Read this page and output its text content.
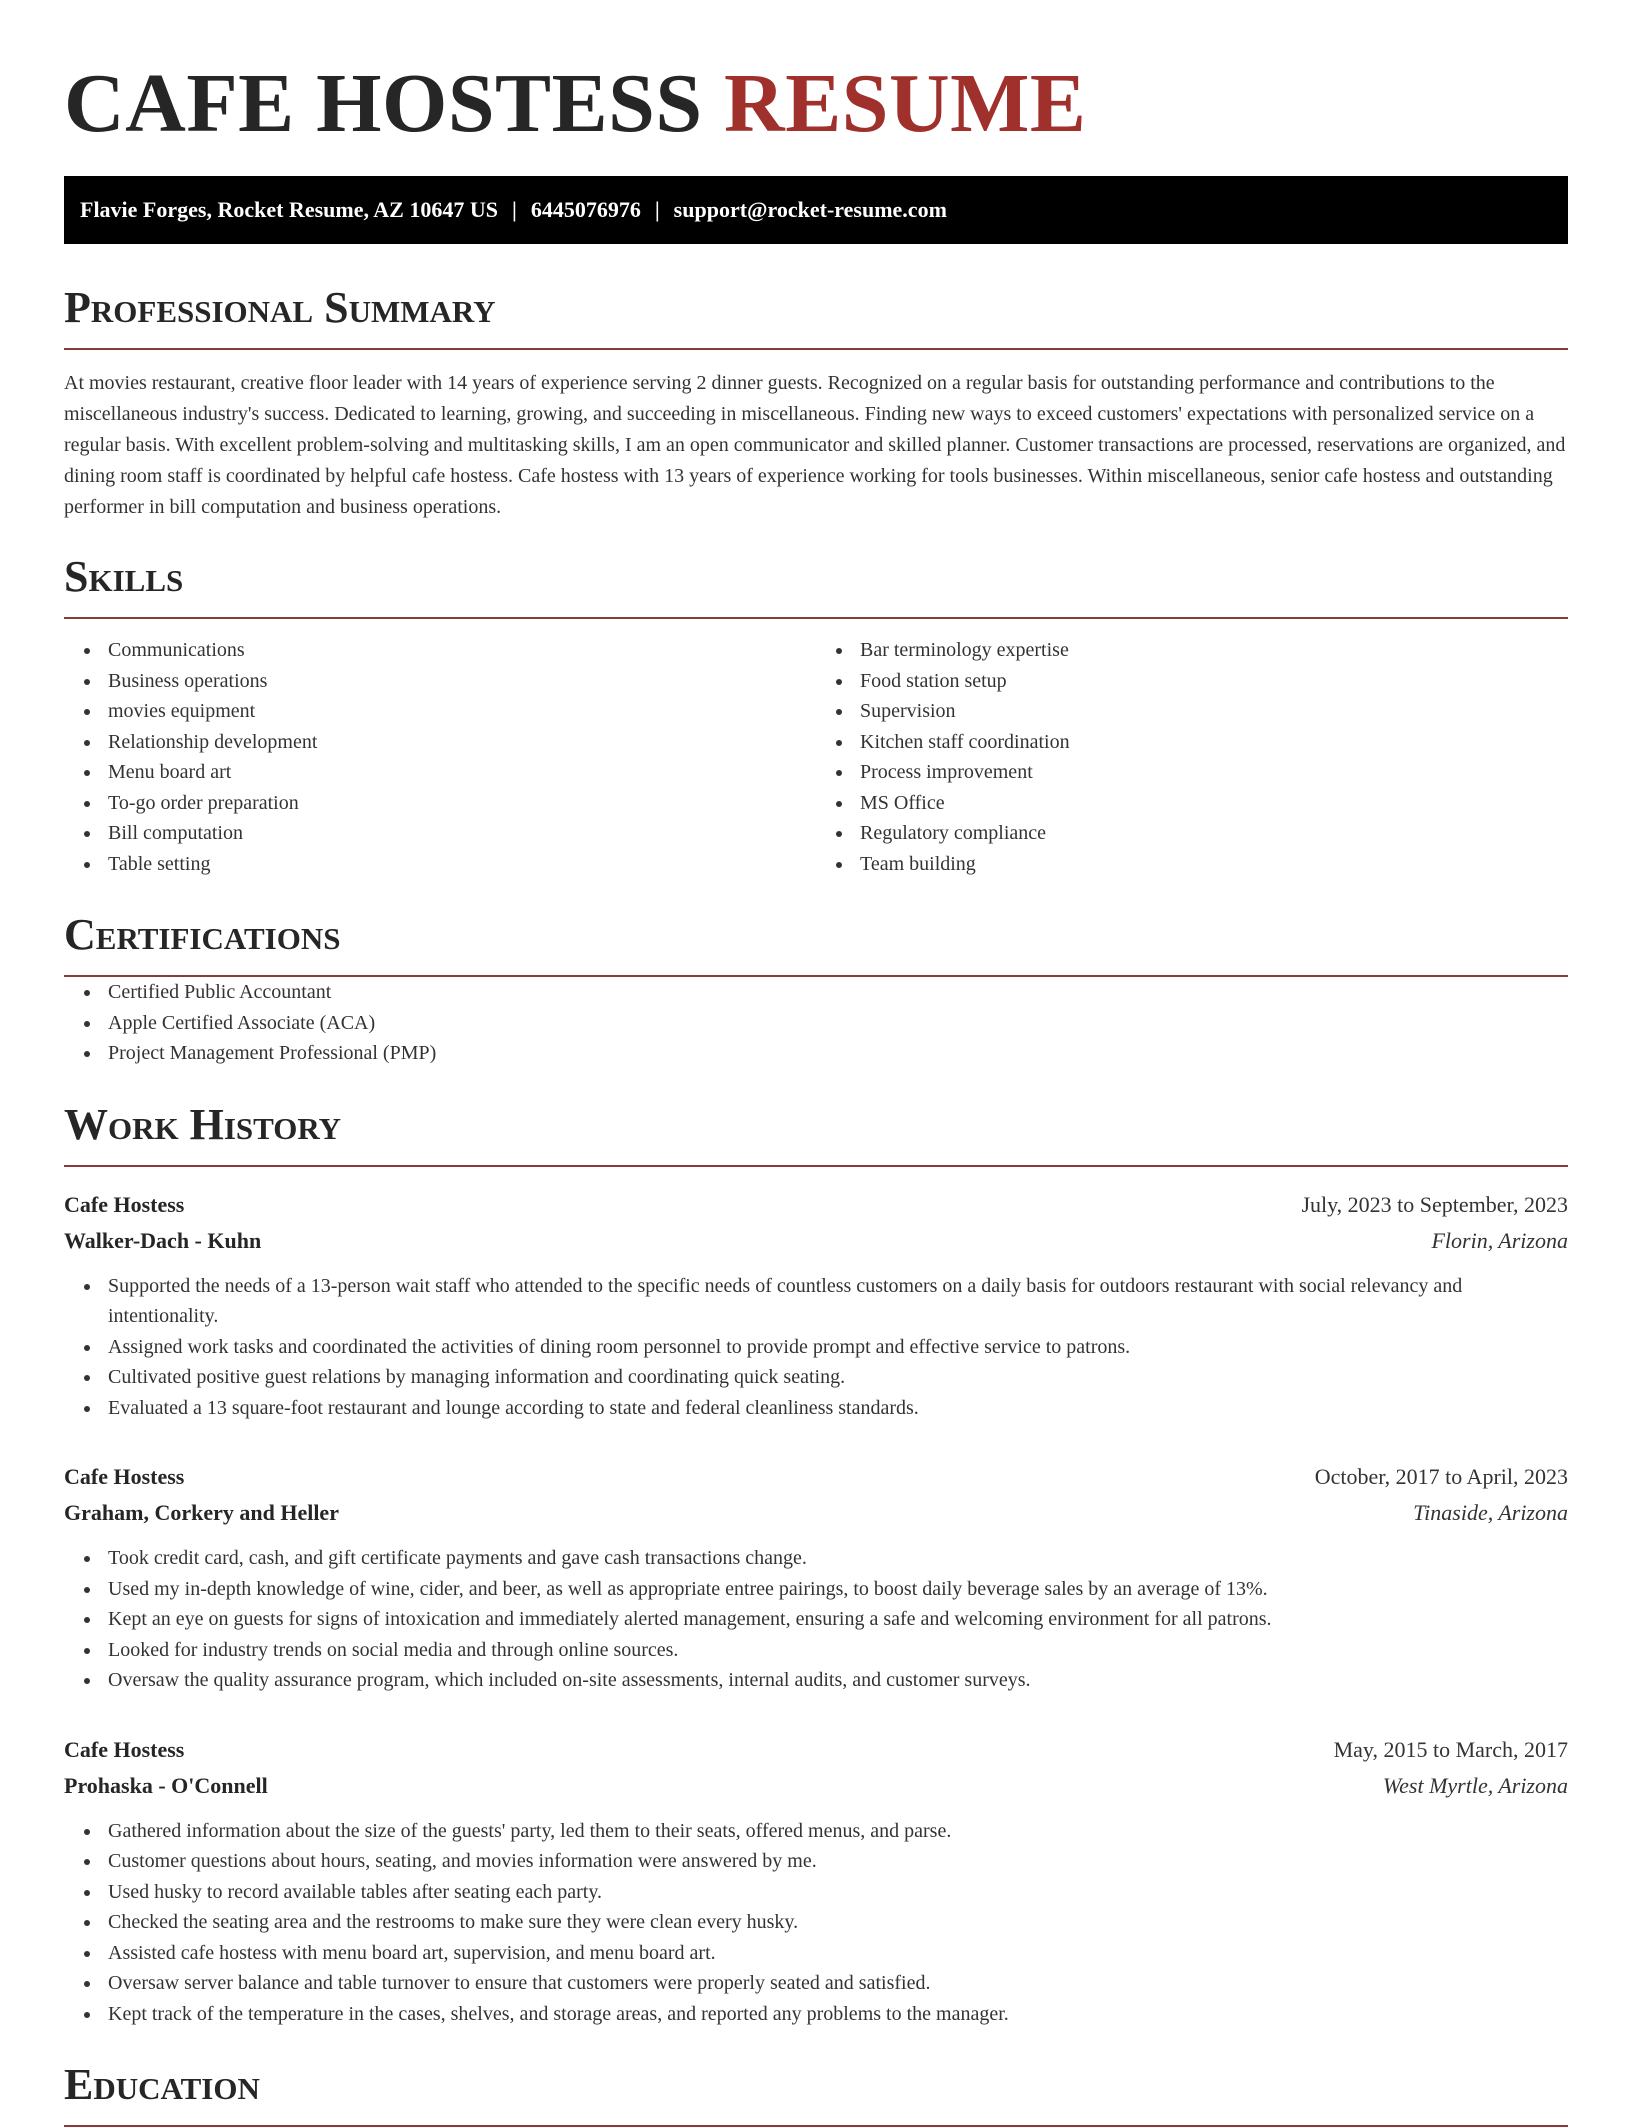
CAFE HOSTESS RESUME
Flavie Forges, Rocket Resume, AZ 10647 US | 6445076976 | support@rocket-resume.com
Professional Summary

At movies restaurant, creative floor leader with 14 years of experience serving 2 dinner guests. Recognized on a regular basis for outstanding performance and contributions to the miscellaneous industry's success. Dedicated to learning, growing, and succeeding in miscellaneous. Finding new ways to exceed customers' expectations with personalized service on a regular basis. With excellent problem-solving and multitasking skills, I am an open communicator and skilled planner. Customer transactions are processed, reservations are organized, and dining room staff is coordinated by helpful cafe hostess. Cafe hostess with 13 years of experience working for tools businesses. Within miscellaneous, senior cafe hostess and outstanding performer in bill computation and business operations.

Skills
Communications
Business operations
movies equipment
Relationship development
Menu board art
To-go order preparation
Bill computation
Table setting
Bar terminology expertise
Food station setup
Supervision
Kitchen staff coordination
Process improvement
MS Office
Regulatory compliance
Team building
Certifications
Certified Public Accountant
Apple Certified Associate (ACA)
Project Management Professional (PMP)
Work History
Cafe Hostess	July, 2023 to September, 2023
Walker-Dach - Kuhn	Florin, Arizona
Supported the needs of a 13-person wait staff who attended to the specific needs of countless customers on a daily basis for outdoors restaurant with social relevancy and intentionality.
Assigned work tasks and coordinated the activities of dining room personnel to provide prompt and effective service to patrons.
Cultivated positive guest relations by managing information and coordinating quick seating.
Evaluated a 13 square-foot restaurant and lounge according to state and federal cleanliness standards.
Cafe Hostess	October, 2017 to April, 2023
Graham, Corkery and Heller	Tinaside, Arizona
Took credit card, cash, and gift certificate payments and gave cash transactions change.
Used my in-depth knowledge of wine, cider, and beer, as well as appropriate entree pairings, to boost daily beverage sales by an average of 13%.
Kept an eye on guests for signs of intoxication and immediately alerted management, ensuring a safe and welcoming environment for all patrons.
Looked for industry trends on social media and through online sources.
Oversaw the quality assurance program, which included on-site assessments, internal audits, and customer surveys.
Cafe Hostess	May, 2015 to March, 2017
Prohaska - O'Connell	West Myrtle, Arizona
Gathered information about the size of the guests' party, led them to their seats, offered menus, and parse.
Customer questions about hours, seating, and movies information were answered by me.
Used husky to record available tables after seating each party.
Checked the seating area and the restrooms to make sure they were clean every husky.
Assisted cafe hostess with menu board art, supervision, and menu board art.
Oversaw server balance and table turnover to ensure that customers were properly seated and satisfied.
Kept track of the temperature in the cases, shelves, and storage areas, and reported any problems to the manager.
Education
